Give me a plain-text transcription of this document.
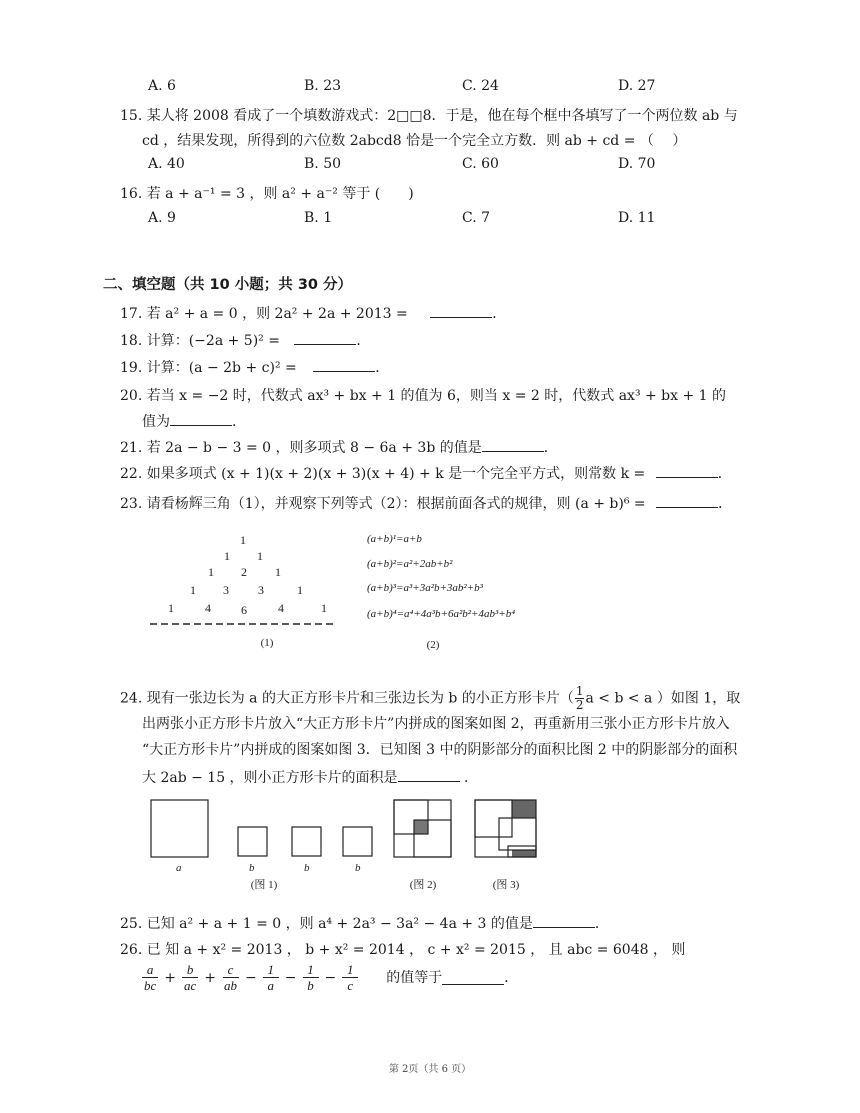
A. 6	B. 23	C. 24	D. 27
15. 某人将 2008 看成了一个填数游戏式：2□□8．于是，他在每个框中各填写了一个两位数 ab 与
cd ，结果发现，所得到的六位数 2abcd8 恰是一个完全立方数．则 ab + cd = （　 ）
A. 40	B. 50	C. 60	D. 70
16. 若 a + a⁻¹ = 3 ，则 a² + a⁻² 等于 (　　)
A. 9	B. 1	C. 7	D. 11
二、填空题（共 10 小题；共 30 分）
17. 若 a² + a = 0 ，则 2a² + 2a + 2013 =	．
18. 计算：(−2a + 5)² =	．
19. 计算：(a − 2b + c)² =	．
20. 若当 x = −2 时，代数式 ax³ + bx + 1 的值为 6，则当 x = 2 时，代数式 ax³ + bx + 1 的
值为	．
21. 若 2a − b − 3 = 0 ，则多项式 8 − 6a + 3b 的值是	．
22. 如果多项式 (x + 1)(x + 2)(x + 3)(x + 4) + k 是一个完全平方式，则常数 k =	．
23. 请看杨辉三角（1），并观察下列等式（2）：根据前面各式的规律，则 (a + b)⁶ =	．
1
1 1
1 2 1
1 3 3	1
1	4	6	4	1
(1)
(a+b)¹=a+b
(a+b)²=a²+2ab+b²
(a+b)³=a³+3a²b+3ab²+b³
(a+b)⁴=a⁴+4a³b+6a²b²+4ab³+b⁴
(2)
24. 现有一张边长为 a 的大正方形卡片和三张边长为 b 的小正方形卡片（ $\frac{1}{2}$ a < b < a ）如图 1，取
出两张小正方形卡片放入“大正方形卡片”内拼成的图案如图 2，再重新用三张小正方形卡片放入
“大正方形卡片”内拼成的图案如图 3．已知图 3 中的阴影部分的面积比图 2 中的阴影部分的面积
大 2ab − 15 ，则小正方形卡片的面积是	．
a	b	b	b
(图 1)	(图 2)	(图 3)
25. 已知 a² + a + 1 = 0 ，则 a⁴ + 2a³ − 3a² − 4a + 3 的值是	．
26. 已 知 a + x² = 2013 ， b + x² = 2014 ， c + x² = 2015 ， 且 abc = 6048 ， 则
$\frac{a}{bc} + \frac{b}{ac} + \frac{c}{ab} - \frac{1}{a} - \frac{1}{b} - \frac{1}{c}$ 的值等于	．
第 2页（共 6 页）
